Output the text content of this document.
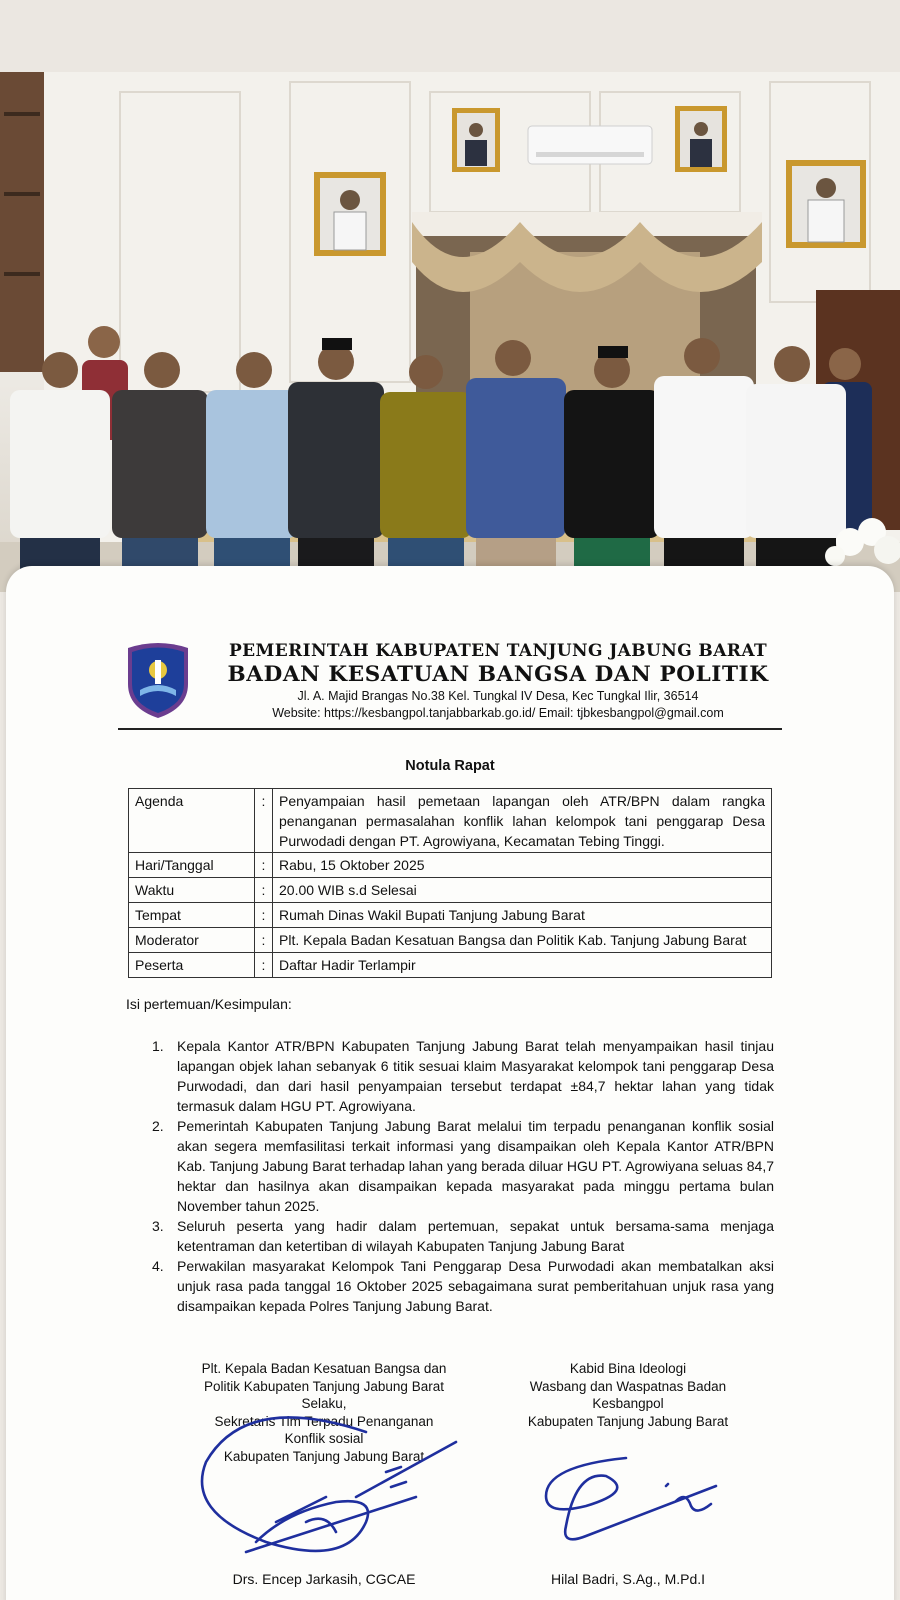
PEMERINTAH KABUPATEN TANJUNG JABUNG BARAT
BADAN KESATUAN BANGSA DAN POLITIK
Jl. A. Majid Brangas No.38 Kel. Tungkal IV Desa, Kec Tungkal Ilir, 36514
Website: https://kesbangpol.tanjabbarkab.go.id/ Email: tjbkesbangpol@gmail.com
Notula Rapat
Agenda	:	Penyampaian hasil pemetaan lapangan oleh ATR/BPN dalam rangka penanganan permasalahan konflik lahan kelompok tani penggarap Desa Purwodadi dengan PT. Agrowiyana, Kecamatan Tebing Tinggi.
Hari/Tanggal	:	Rabu, 15 Oktober 2025
Waktu	:	20.00 WIB s.d Selesai
Tempat	:	Rumah Dinas Wakil Bupati Tanjung Jabung Barat
Moderator	:	Plt. Kepala Badan Kesatuan Bangsa dan Politik Kab. Tanjung Jabung Barat
Peserta	:	Daftar Hadir Terlampir
Isi pertemuan/Kesimpulan:
1. Kepala Kantor ATR/BPN Kabupaten Tanjung Jabung Barat telah menyampaikan hasil tinjau lapangan objek lahan sebanyak 6 titik sesuai klaim Masyarakat kelompok tani penggarap Desa Purwodadi, dan dari hasil penyampaian tersebut terdapat ±84,7 hektar lahan yang tidak termasuk dalam HGU PT. Agrowiyana.
2. Pemerintah Kabupaten Tanjung Jabung Barat melalui tim terpadu penanganan konflik sosial akan segera memfasilitasi terkait informasi yang disampaikan oleh Kepala Kantor ATR/BPN Kab. Tanjung Jabung Barat terhadap lahan yang berada diluar HGU PT. Agrowiyana seluas 84,7 hektar dan hasilnya akan disampaikan kepada masyarakat pada minggu pertama bulan November tahun 2025.
3. Seluruh peserta yang hadir dalam pertemuan, sepakat untuk bersama-sama menjaga ketentraman dan ketertiban di wilayah Kabupaten Tanjung Jabung Barat
4. Perwakilan masyarakat Kelompok Tani Penggarap Desa Purwodadi akan membatalkan aksi unjuk rasa pada tanggal 16 Oktober 2025 sebagaimana surat pemberitahuan unjuk rasa yang disampaikan kepada Polres Tanjung Jabung Barat.
Plt. Kepala Badan Kesatuan Bangsa dan
Politik Kabupaten Tanjung Jabung Barat
Selaku,
Sekretaris Tim Terpadu Penanganan
Konflik sosial
Kabupaten Tanjung Jabung Barat
Kabid Bina Ideologi
Wasbang dan Waspatnas Badan
Kesbangpol
Kabupaten Tanjung Jabung Barat
Drs. Encep Jarkasih, CGCAE	Hilal Badri, S.Ag., M.Pd.I
